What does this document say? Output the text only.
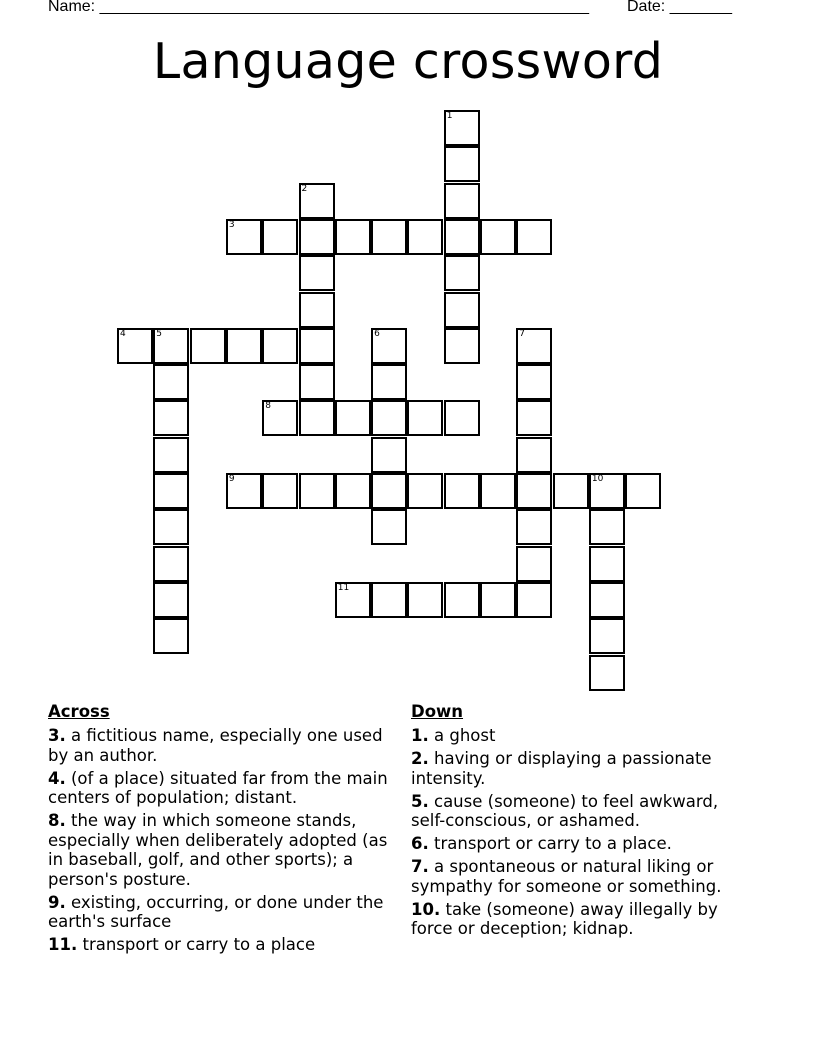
Name: _______________________________________________________ Date: _______
Language crossword
1
2
3
4	5	6	7
8
9	10
11
Across
3. a fictitious name, especially one used by an author.
4. (of a place) situated far from the main centers of population; distant.
8. the way in which someone stands, especially when deliberately adopted (as in baseball, golf, and other sports); a person's posture.
9. existing, occurring, or done under the earth's surface
11. transport or carry to a place
Down
1. a ghost
2. having or displaying a passionate intensity.
5. cause (someone) to feel awkward, self-conscious, or ashamed.
6. transport or carry to a place.
7. a spontaneous or natural liking or sympathy for someone or something.
10. take (someone) away illegally by force or deception; kidnap.
